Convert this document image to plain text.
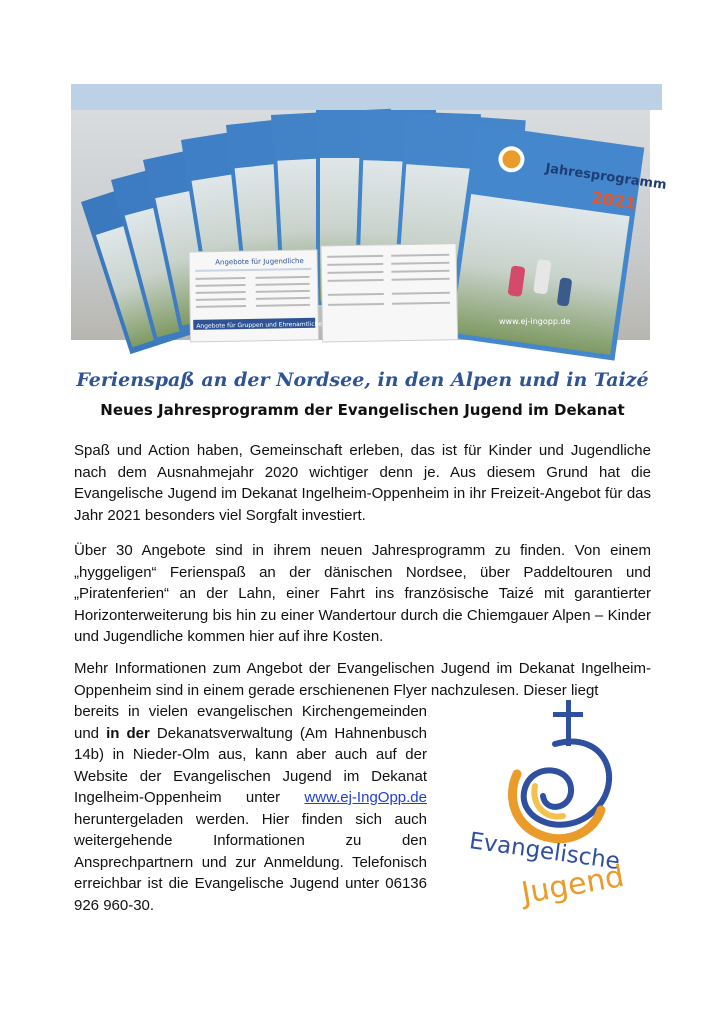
Jahresprogramm
2021
Angebote für Jugendliche
Angebote für Gruppen und Ehrenamtliche	www.ej-ingopp.de
Ferienspaß an der Nordsee, in den Alpen und in Taizé
Neues Jahresprogramm der Evangelischen Jugend im Dekanat

Spaß und Action haben, Gemeinschaft erleben, das ist für Kinder und Jugendliche nach dem Ausnahmejahr 2020 wichtiger denn je. Aus diesem Grund hat die Evangelische Jugend im Dekanat Ingelheim-Oppenheim in ihr Freizeit-Angebot für das Jahr 2021 besonders viel Sorgfalt investiert.

Über 30 Angebote sind in ihrem neuen Jahresprogramm zu finden. Von einem „hyggeligen“ Ferienspaß an der dänischen Nordsee, über Paddeltouren und „Piratenferien“ an der Lahn, einer Fahrt ins französische Taizé mit garantierter Horizonterweiterung bis hin zu einer Wandertour durch die Chiemgauer Alpen – Kinder und Jugendliche kommen hier auf ihre Kosten.

Mehr Informationen zum Angebot der Evangelischen Jugend im Dekanat Ingelheim-Oppenheim sind in einem gerade erschienenen Flyer nachzulesen. Dieser liegt

bereits in vielen evangelischen Kirchengemeinden und in der Dekanatsverwaltung (Am Hahnenbusch 14b) in Nieder-Olm aus, kann aber auch auf der Website der Evangelischen Jugend im Dekanat Ingelheim-Oppenheim unter www.ej-IngOpp.de heruntergeladen werden. Hier finden sich auch weitergehende Informationen zu den Ansprechpartnern und zur Anmeldung. Telefonisch erreichbar ist die Evangelische Jugend unter 06136 926 960-30.

Evangelische
Jugend
